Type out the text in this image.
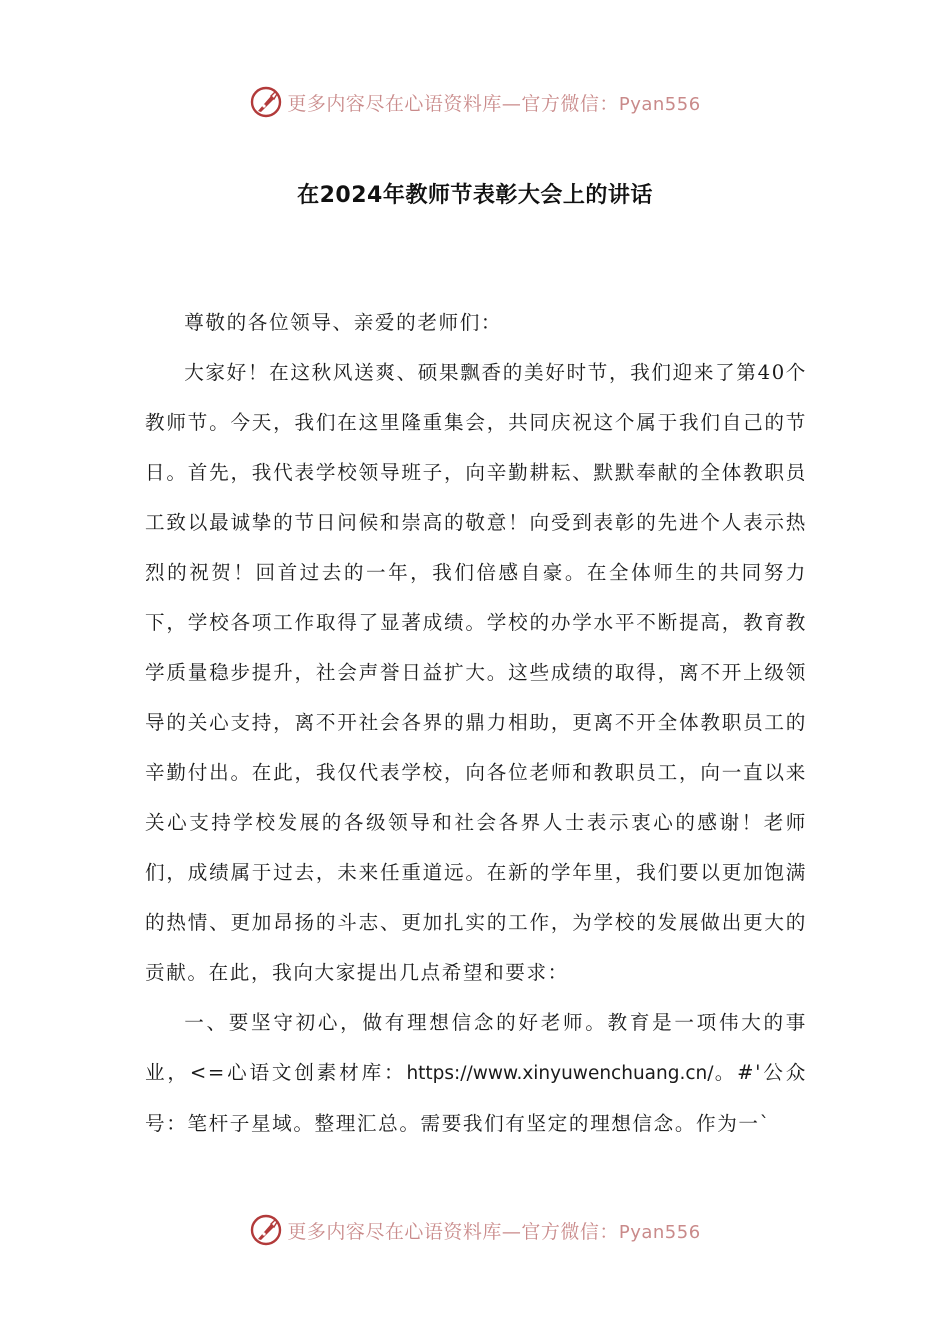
更多内容尽在心语资料库—官方微信：Pyan556
在2024年教师节表彰大会上的讲话

尊敬的各位领导、亲爱的老师们：

大家好！在这秋风送爽、硕果飘香的美好时节，我们迎来了第40个教师节。今天，我们在这里隆重集会，共同庆祝这个属于我们自己的节日。首先，我代表学校领导班子，向辛勤耕耘、默默奉献的全体教职员工致以最诚挚的节日问候和崇高的敬意！向受到表彰的先进个人表示热烈的祝贺！回首过去的一年，我们倍感自豪。在全体师生的共同努力下，学校各项工作取得了显著成绩。学校的办学水平不断提高，教育教学质量稳步提升，社会声誉日益扩大。这些成绩的取得，离不开上级领导的关心支持，离不开社会各界的鼎力相助，更离不开全体教职员工的辛勤付出。在此，我仅代表学校，向各位老师和教职员工，向一直以来关心支持学校发展的各级领导和社会各界人士表示衷心的感谢！老师们，成绩属于过去，未来任重道远。在新的学年里，我们要以更加饱满的热情、更加昂扬的斗志、更加扎实的工作，为学校的发展做出更大的贡献。在此，我向大家提出几点希望和要求：

一、要坚守初心，做有理想信念的好老师。教育是一项伟大的事业，<=心语文创素材库：https://www.xinyuwenchuang.cn/。#'公众号：笔杆子星域。整理汇总。需要我们有坚定的理想信念。作为一`

更多内容尽在心语资料库—官方微信：Pyan556
